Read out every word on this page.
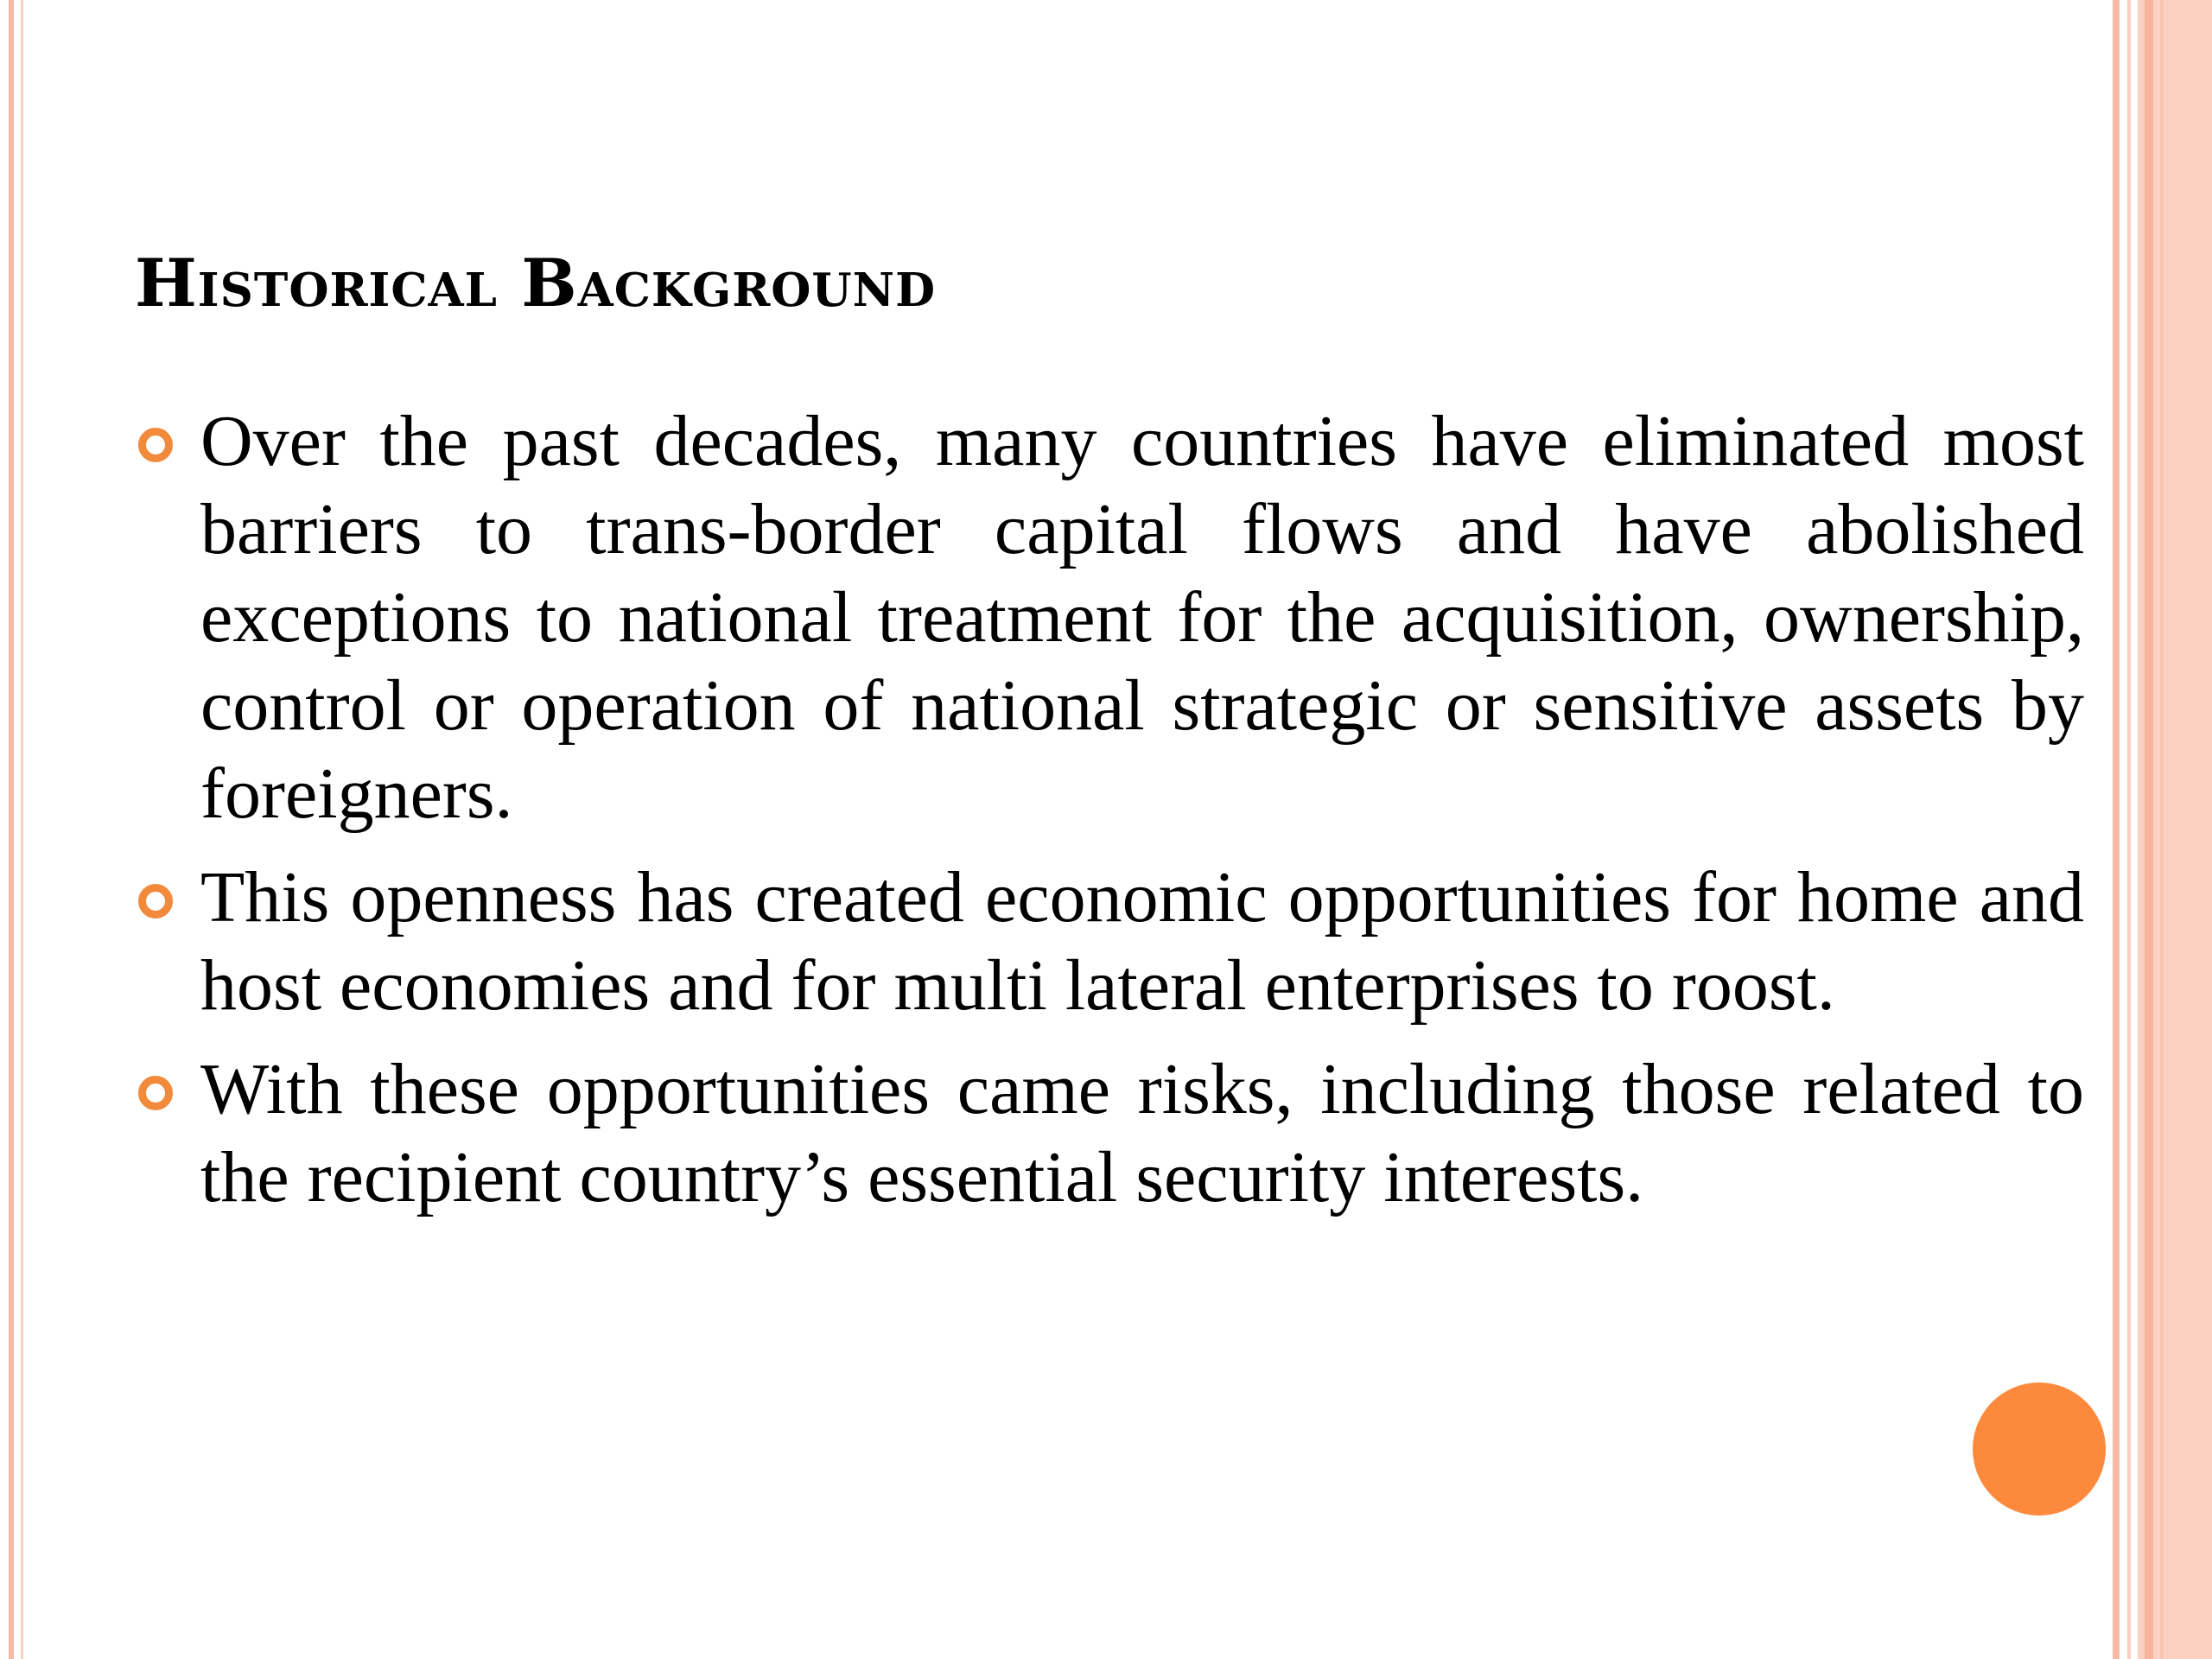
Historical Background
Over the past decades, many countries have eliminated most barriers to trans-border capital flows and have abolished exceptions to national treatment for the acquisition, ownership, control or operation of national strategic or sensitive assets by foreigners.
This openness has created economic opportunities for home and host economies and for multi lateral enterprises to roost.
With these opportunities came risks, including those related to the recipient country’s essential security interests.
